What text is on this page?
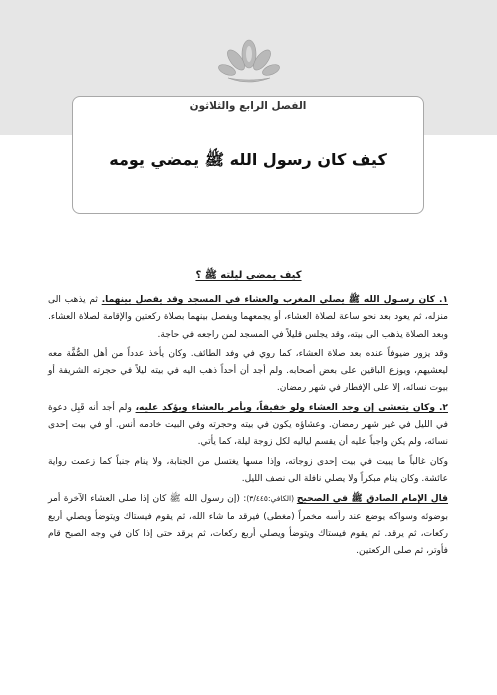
الفصل الرابع والثلاثون
كيف كان رسول الله ﷺ يمضي يومه
كيف يمضي ليلته ﷺ ؟

١. كان رسـول الله ﷺ يصلي المغرب والعشاء في المسجد وقد يفصل بينهما. ثم يذهب الى منزله، ثم يعود بعد نحو ساعة لصلاة العشاء، أو يجمعهما ويفصل بينهما بصلاة ركعتين والإقامة لصلاة العشاء. وبعد الصلاة يذهب الى بيته، وقد يجلس قليلاً في المسجد لمن راجعه في حاجة.

وقد يزور ضيوفاً عنده بعد صلاة العشاء، كما روي في وفد الطائف. وكان يأخذ عدداً من أهل الصُّفَّة معه ليعشيهم، ويوزع الباقين على بعض أصحابه. ولم أجد أن أحداً ذهب اليه في بيته ليلاً في حجرته الشريفة أو بيوت نسائه، إلا على الإفطار في شهر رمضان.

٢. وكان يتعشى إن وجد العشاء ولو خفيفاً، ويأمر بالعشاء ويؤكد عليه، ولم أجد أنه قَبِل دعوة في الليل في غير شهر رمضان. وعشاؤه يكون في بيته وحجرته وفي البيت خادمه أنس. أو في بيت إحدى نسائه، ولم يكن واجباً عليه أن يقسم لياليه لكل زوجة ليلة، كما يأتي.

وكان غالباً ما يبيت في بيت إحدى زوجاته، وإذا مسها يغتسل من الجنابة، ولا ينام جنباً كما زعمت رواية عائشة. وكان ينام مبكراً ولا يصلي نافلة الى نصف الليل.

قال الإمام الصادق ﷺ في الصحيح (الكافي:٣/٤٤٥): (إن رسول الله ﷺ كان إذا صلى العشاء الآخرة أمر بوضوئه وسواكه يوضع عند رأسه مخمراً (مغطى) فيرقد ما شاء الله، ثم يقوم فيستاك ويتوضأ ويصلي أربع ركعات، ثم يرقد. ثم يقوم فيستاك ويتوضأ ويصلي أربع ركعات، ثم يرقد حتى إذا كان في وجه الصبح قام فأوتر، ثم صلى الركعتين.
